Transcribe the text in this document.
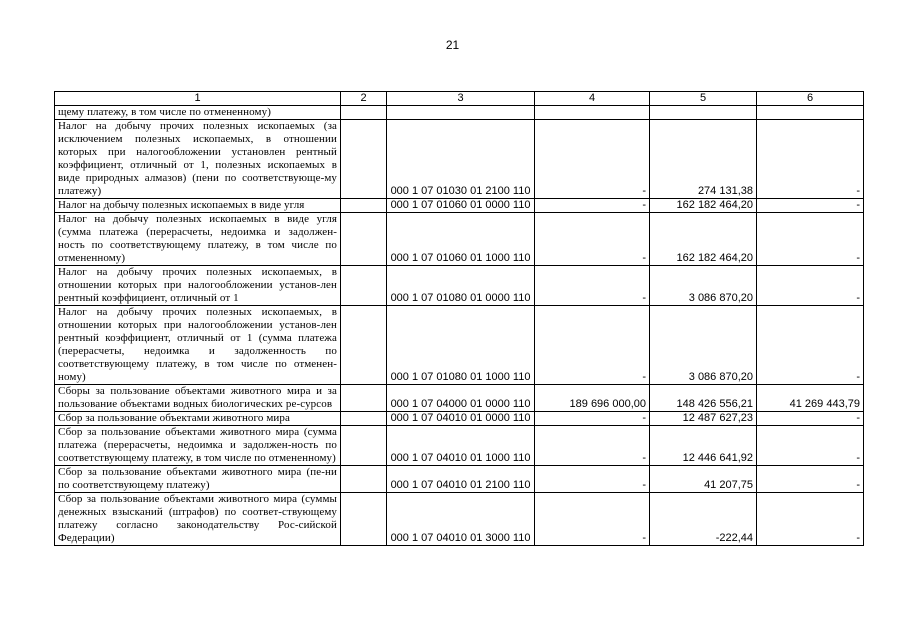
21
1	2	3	4	5	6
щему платежу, в том числе по отмененному)					
Налог на добычу прочих полезных ископаемых (за исключением полезных ископаемых, в отношении которых при налогообложении установлен рентный коэффициент, отличный от 1, полезных ископаемых в виде природных алмазов) (пени по соответствующе-му платежу)		000 1 07 01030 01 2100 110	-	274 131,38	-
Налог на добычу полезных ископаемых в виде угля		000 1 07 01060 01 0000 110	-	162 182 464,20	-
Налог на добычу полезных ископаемых в виде угля (сумма платежа (перерасчеты, недоимка и задолжен-ность по соответствующему платежу, в том числе по отмененному)		000 1 07 01060 01 1000 110	-	162 182 464,20	-
Налог на добычу прочих полезных ископаемых, в отношении которых при налогообложении установ-лен рентный коэффициент, отличный от 1		000 1 07 01080 01 0000 110	-	3 086 870,20	-
Налог на добычу прочих полезных ископаемых, в отношении которых при налогообложении установ-лен рентный коэффициент, отличный от 1 (сумма платежа (перерасчеты, недоимка и задолженность по соответствующему платежу, в том числе по отменен-ному)		000 1 07 01080 01 1000 110	-	3 086 870,20	-
Сборы за пользование объектами животного мира и за пользование объектами водных биологических ре-сурсов		000 1 07 04000 01 0000 110	189 696 000,00	148 426 556,21	41 269 443,79
Сбор за пользование объектами животного мира		000 1 07 04010 01 0000 110	-	12 487 627,23	-
Сбор за пользование объектами животного мира (сумма платежа (перерасчеты, недоимка и задолжен-ность по соответствующему платежу, в том числе по отмененному)		000 1 07 04010 01 1000 110	-	12 446 641,92	-
Сбор за пользование объектами животного мира (пе-ни по соответствующему платежу)		000 1 07 04010 01 2100 110	-	41 207,75	-
Сбор за пользование объектами животного мира (суммы денежных взысканий (штрафов) по соответ-ствующему платежу согласно законодательству Рос-сийской Федерации)		000 1 07 04010 01 3000 110	-	-222,44	-
